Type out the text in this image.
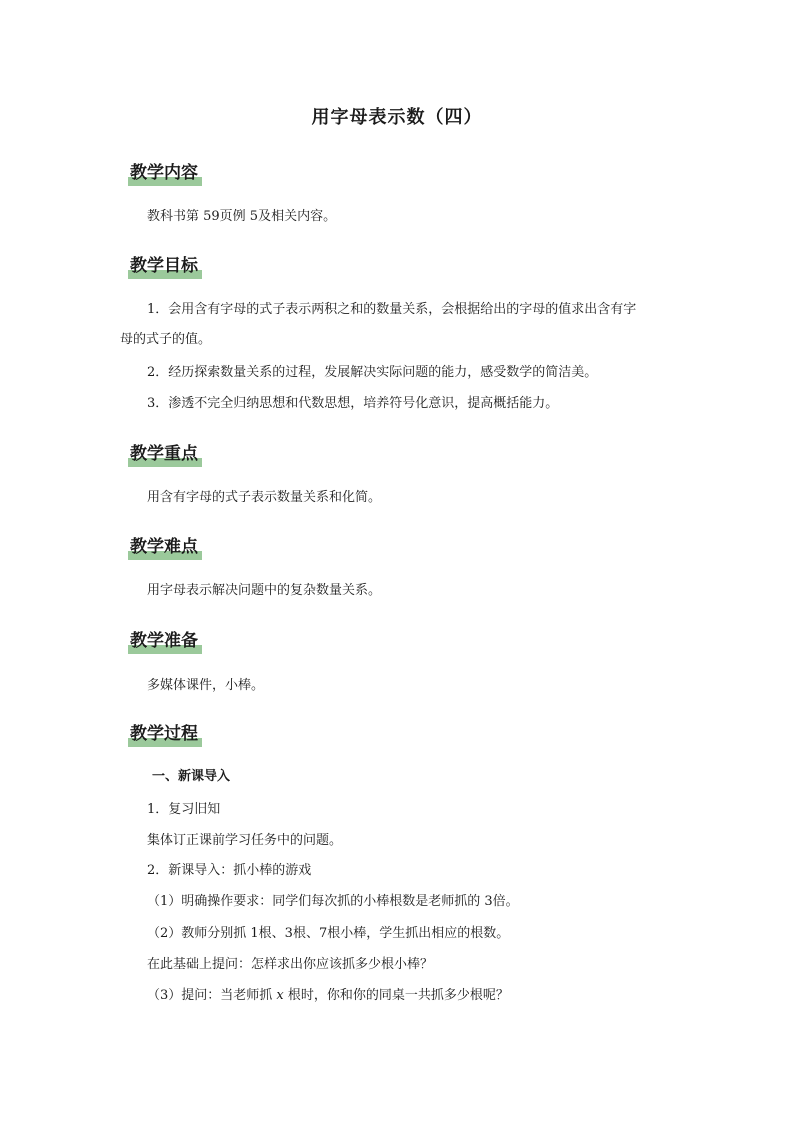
用字母表示数（四）
教学内容
教科书第 59页例 5及相关内容。
教学目标
1．会用含有字母的式子表示两积之和的数量关系，会根据给出的字母的值求出含有字
母的式子的值。
2．经历探索数量关系的过程，发展解决实际问题的能力，感受数学的简洁美。
3．渗透不完全归纳思想和代数思想，培养符号化意识，提高概括能力。
教学重点
用含有字母的式子表示数量关系和化简。
教学难点
用字母表示解决问题中的复杂数量关系。
教学准备
多媒体课件，小棒。
教学过程
一、新课导入
1．复习旧知
集体订正课前学习任务中的问题。
2．新课导入：抓小棒的游戏
（1）明确操作要求：同学们每次抓的小棒根数是老师抓的 3倍。
（2）教师分别抓 1根、3根、7根小棒，学生抓出相应的根数。
在此基础上提问：怎样求出你应该抓多少根小棒？
（3）提问：当老师抓 x 根时，你和你的同桌一共抓多少根呢？
